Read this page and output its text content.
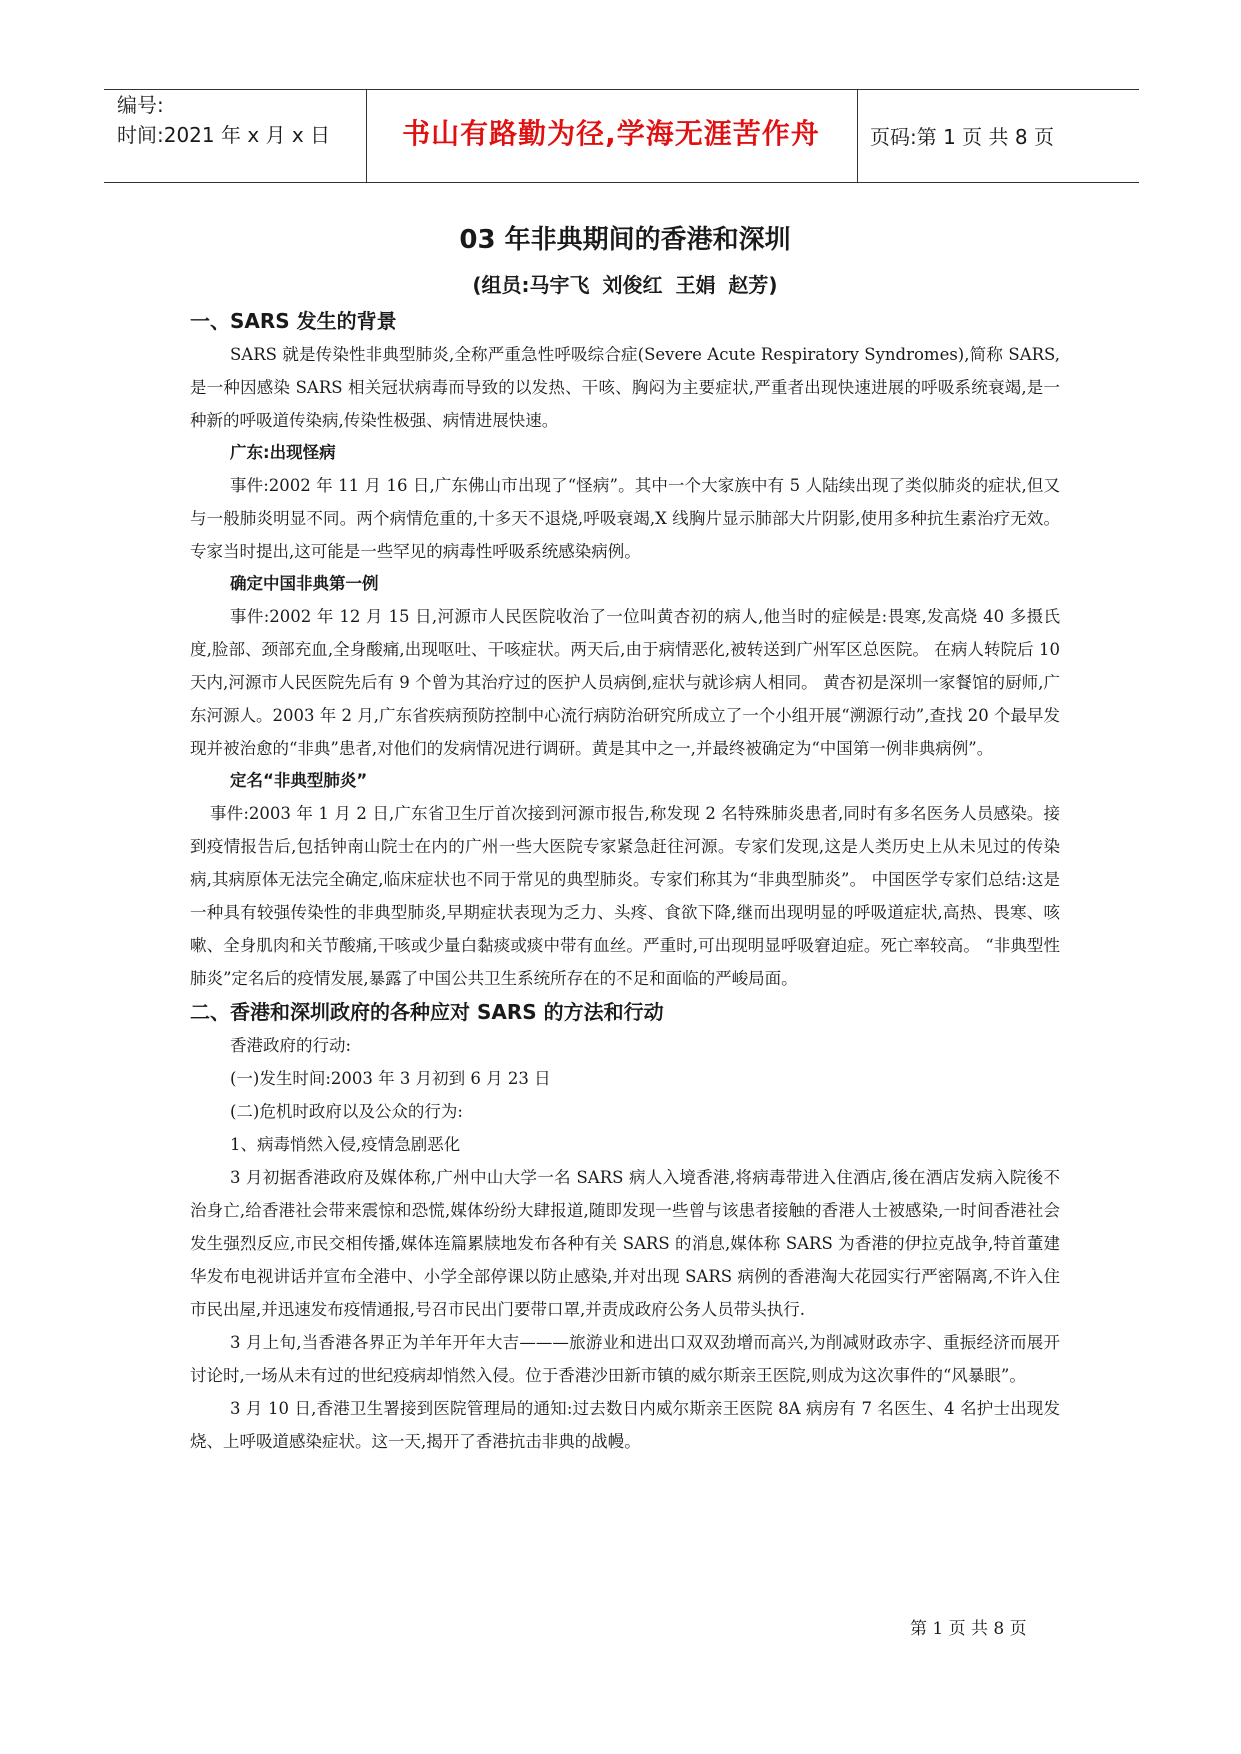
编号:
时间:2021 年 x 月 x 日	书山有路勤为径,学海无涯苦作舟	页码:第 1 页 共 8 页
03 年非典期间的香港和深圳
(组员:马宇飞 刘俊红 王娟 赵芳)
一、SARS 发生的背景

SARS 就是传染性非典型肺炎,全称严重急性呼吸综合症(Severe Acute Respiratory Syndromes),简称 SARS,是一种因感染 SARS 相关冠状病毒而导致的以发热、干咳、胸闷为主要症状,严重者出现快速进展的呼吸系统衰竭,是一种新的呼吸道传染病,传染性极强、病情进展快速。

广东:出现怪病

事件:2002 年 11 月 16 日,广东佛山市出现了“怪病”。其中一个大家族中有 5 人陆续出现了类似肺炎的症状,但又与一般肺炎明显不同。两个病情危重的,十多天不退烧,呼吸衰竭,X 线胸片显示肺部大片阴影,使用多种抗生素治疗无效。专家当时提出,这可能是一些罕见的病毒性呼吸系统感染病例。

确定中国非典第一例

事件:2002 年 12 月 15 日,河源市人民医院收治了一位叫黄杏初的病人,他当时的症候是:畏寒,发高烧 40 多摄氏度,脸部、颈部充血,全身酸痛,出现呕吐、干咳症状。两天后,由于病情恶化,被转送到广州军区总医院。 在病人转院后 10 天内,河源市人民医院先后有 9 个曾为其治疗过的医护人员病倒,症状与就诊病人相同。 黄杏初是深圳一家餐馆的厨师,广东河源人。2003 年 2 月,广东省疾病预防控制中心流行病防治研究所成立了一个小组开展“溯源行动”,查找 20 个最早发现并被治愈的“非典”患者,对他们的发病情况进行调研。黄是其中之一,并最终被确定为“中国第一例非典病例”。

定名“非典型肺炎”

事件:2003 年 1 月 2 日,广东省卫生厅首次接到河源市报告,称发现 2 名特殊肺炎患者,同时有多名医务人员感染。接到疫情报告后,包括钟南山院士在内的广州一些大医院专家紧急赶往河源。专家们发现,这是人类历史上从未见过的传染病,其病原体无法完全确定,临床症状也不同于常见的典型肺炎。专家们称其为“非典型肺炎”。 中国医学专家们总结:这是一种具有较强传染性的非典型肺炎,早期症状表现为乏力、头疼、食欲下降,继而出现明显的呼吸道症状,高热、畏寒、咳嗽、全身肌肉和关节酸痛,干咳或少量白黏痰或痰中带有血丝。严重时,可出现明显呼吸窘迫症。死亡率较高。 “非典型性肺炎”定名后的疫情发展,暴露了中国公共卫生系统所存在的不足和面临的严峻局面。

二、香港和深圳政府的各种应对 SARS 的方法和行动
香港政府的行动:
(一)发生时间:2003 年 3 月初到 6 月 23 日
(二)危机时政府以及公众的行为:
1、病毒悄然入侵,疫情急剧恶化

3 月初据香港政府及媒体称,广州中山大学一名 SARS 病人入境香港,将病毒带进入住酒店,後在酒店发病入院後不治身亡,给香港社会带来震惊和恐慌,媒体纷纷大肆报道,随即发现一些曾与该患者接触的香港人士被感染,一时间香港社会发生强烈反应,市民交相传播,媒体连篇累牍地发布各种有关 SARS 的消息,媒体称 SARS 为香港的伊拉克战争,特首董建华发布电视讲话并宣布全港中、小学全部停课以防止感染,并对出现 SARS 病例的香港淘大花园实行严密隔离,不许入住市民出屋,并迅速发布疫情通报,号召市民出门要带口罩,并责成政府公务人员带头执行.

3 月上旬,当香港各界正为羊年开年大吉———旅游业和进出口双双劲增而高兴,为削减财政赤字、重振经济而展开讨论时,一场从未有过的世纪疫病却悄然入侵。位于香港沙田新市镇的威尔斯亲王医院,则成为这次事件的“风暴眼”。

3 月 10 日,香港卫生署接到医院管理局的通知:过去数日内威尔斯亲王医院 8A 病房有 7 名医生、4 名护士出现发烧、上呼吸道感染症状。这一天,揭开了香港抗击非典的战幔。

第 1 页 共 8 页
